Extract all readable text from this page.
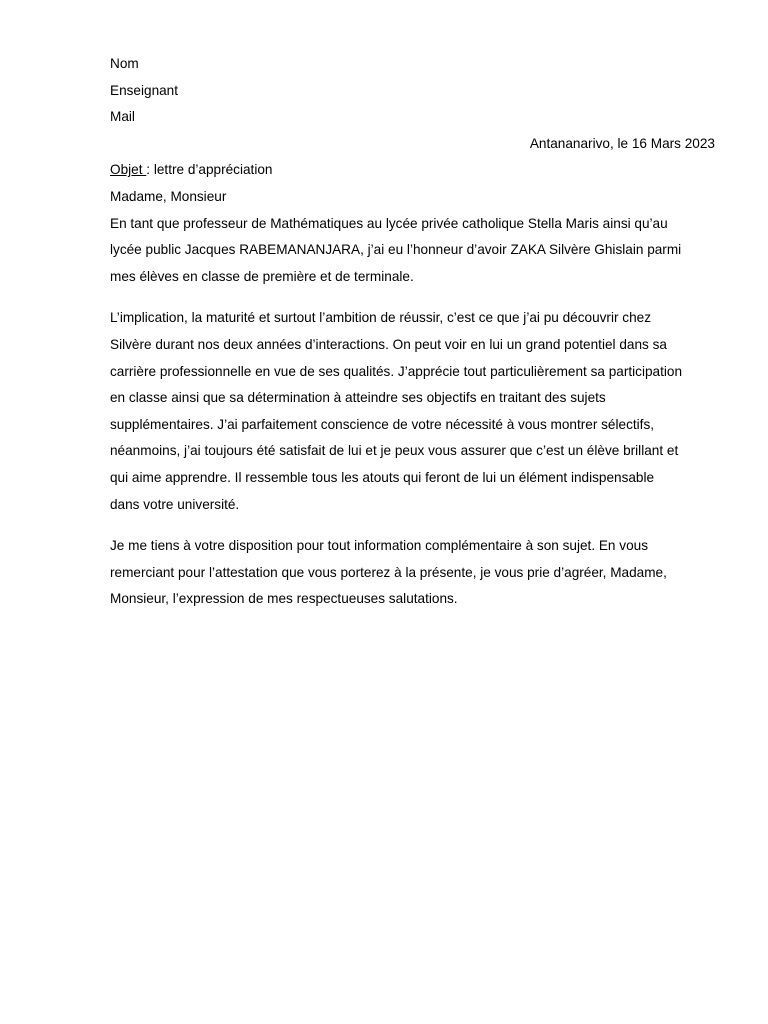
Nom
Enseignant
Mail
Antananarivo, le 16 Mars 2023
Objet : lettre d’appréciation
Madame, Monsieur
En tant que professeur de Mathématiques au lycée privée catholique Stella Maris ainsi qu’au
lycée public Jacques RABEMANANJARA, j’ai eu l’honneur d’avoir ZAKA Silvère Ghislain parmi
mes élèves en classe de première et de terminale.
L’implication, la maturité et surtout l’ambition de réussir, c’est ce que j’ai pu découvrir chez
Silvère durant nos deux années d’interactions. On peut voir en lui un grand potentiel dans sa
carrière professionnelle en vue de ses qualités. J’apprécie tout particulièrement sa participation
en classe ainsi que sa détermination à atteindre ses objectifs en traitant des sujets
supplémentaires. J’ai parfaitement conscience de votre nécessité à vous montrer sélectifs,
néanmoins, j’ai toujours été satisfait de lui et je peux vous assurer que c’est un élève brillant et
qui aime apprendre. Il ressemble tous les atouts qui feront de lui un élément indispensable
dans votre université.
Je me tiens à votre disposition pour tout information complémentaire à son sujet. En vous
remerciant pour l’attestation que vous porterez à la présente, je vous prie d’agréer, Madame,
Monsieur, l’expression de mes respectueuses salutations.
